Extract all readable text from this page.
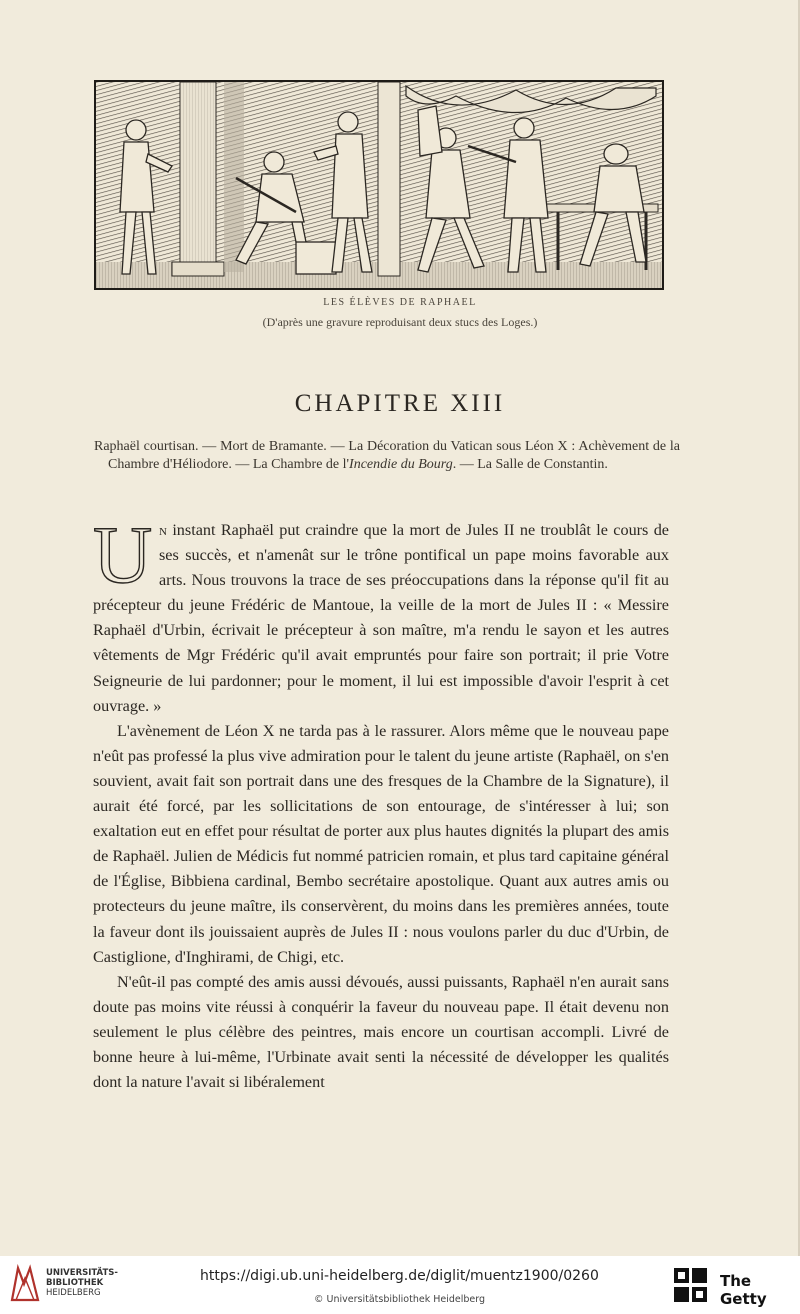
LES ÉLÈVES DE RAPHAEL
(D'après une gravure reproduisant deux stucs des Loges.)
CHAPITRE XIII

Raphaël courtisan. — Mort de Bramante. — La Décoration du Vatican sous Léon X : Achèvement de la Chambre d'Héliodore. — La Chambre de l'Incendie du Bourg. — La Salle de Constantin.

Un instant Raphaël put craindre que la mort de Jules II ne troublât le cours de ses succès, et n'amenât sur le trône pontifical un pape moins favorable aux arts. Nous trouvons la trace de ses préoccupations dans la réponse qu'il fit au précepteur du jeune Frédéric de Mantoue, la veille de la mort de Jules II : « Messire Raphaël d'Urbin, écrivait le précepteur à son maître, m'a rendu le sayon et les autres vêtements de Mgr Frédéric qu'il avait empruntés pour faire son portrait; il prie Votre Seigneurie de lui pardonner; pour le moment, il lui est impossible d'avoir l'esprit à cet ouvrage. »

L'avènement de Léon X ne tarda pas à le rassurer. Alors même que le nouveau pape n'eût pas professé la plus vive admiration pour le talent du jeune artiste (Raphaël, on s'en souvient, avait fait son portrait dans une des fresques de la Chambre de la Signature), il aurait été forcé, par les sollicitations de son entourage, de s'intéresser à lui; son exaltation eut en effet pour résultat de porter aux plus hautes dignités la plupart des amis de Raphaël. Julien de Médicis fut nommé patricien romain, et plus tard capitaine général de l'Église, Bibbiena cardinal, Bembo secrétaire apostolique. Quant aux autres amis ou protecteurs du jeune maître, ils conservèrent, du moins dans les premières années, toute la faveur dont ils jouissaient auprès de Jules II : nous voulons parler du duc d'Urbin, de Castiglione, d'Inghirami, de Chigi, etc.

N'eût-il pas compté des amis aussi dévoués, aussi puissants, Raphaël n'en aurait sans doute pas moins vite réussi à conquérir la faveur du nouveau pape. Il était devenu non seulement le plus célèbre des peintres, mais encore un courtisan accompli. Livré de bonne heure à lui-même, l'Urbinate avait senti la nécessité de développer les qualités dont la nature l'avait si libéralement

UNIVERSITÄTS-
BIBLIOTHEK
HEIDELBERG
https://digi.ub.uni-heidelberg.de/diglit/muentz1900/0260
© Universitätsbibliothek Heidelberg
The Getty
